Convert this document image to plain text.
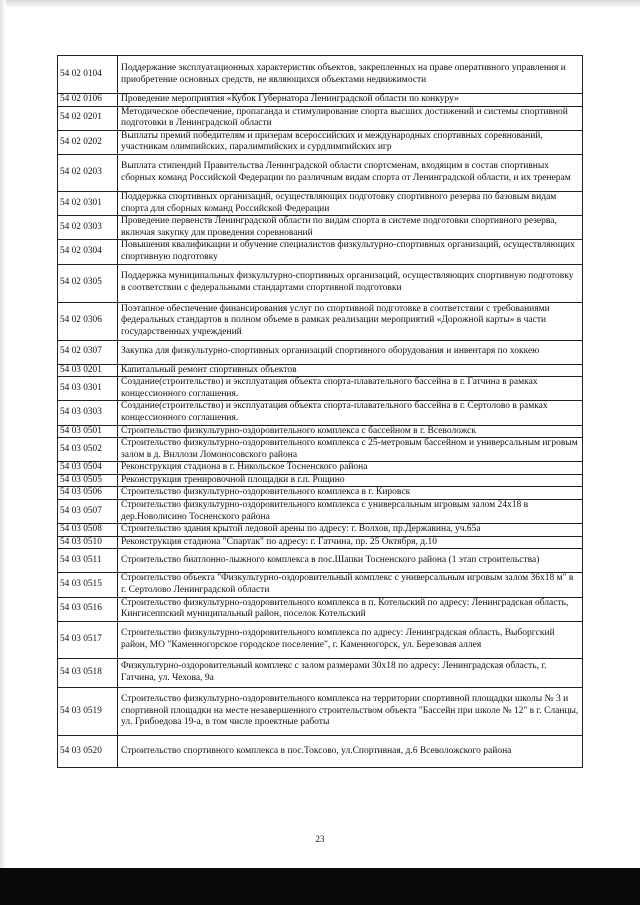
54 02 0104	Поддержание эксплуатационных характеристик объектов, закрепленных на праве оперативного управления и приобретение основных средств, не являющихся объектами недвижимости
54 02 0106	Проведение мероприятия «Кубок Губернатора Ленинградской области по конкуру»
54 02 0201	Методическое обеспечение, пропаганда и стимулирование спорта высших достижений и системы спортивной подготовки в Ленинградской области
54 02 0202	Выплаты премий победителям и призерам всероссийских и международных спортивных соревнований, участникам олимпийских, паралимпийских и сурдлимпийских игр
54 02 0203	Выплата стипендий Правительства Ленинградской области спортсменам, входящим в состав спортивных сборных команд Российской Федерации по различным видам спорта от Ленинградской области, и их тренерам
54 02 0301	Поддержка спортивных организаций, осуществляющих подготовку спортивного резерва по базовым видам спорта для сборных команд Российской Федерации
54 02 0303	Проведение первенств Ленинградской области по видам спорта в системе подготовки спортивного резерва, включая закупку для проведения соревнований
54 02 0304	Повышения квалификации и обучение специалистов физкультурно-спортивных организаций, осуществляющих спортивную подготовку
54 02 0305	Поддержка муниципальных физкультурно-спортивных организаций, осуществляющих спортивную подготовку в соответствии с федеральными стандартами спортивной подготовки
54 02 0306	Поэтапное обеспечение финансирования услуг по спортивной подготовке в соответствии с требованиями федеральных стандартов в полном объеме в рамках реализации мероприятий «Дорожной карты» в части государственных учреждений
54 02 0307	Закупка для физкультурно-спортивных организаций спортивного оборудования и инвентаря по хоккею
54 03 0201	Капитальный ремонт спортивных объектов
54 03 0301	Создание(строительство) и эксплуатация объекта спорта-плавательного бассейна в г. Гатчина в рамках концессионного соглашения.
54 03 0303	Создание(строительство) и эксплуатация объекта спорта-плавательного бассейна в г. Сертолово в рамках концессионного соглашения.
54 03 0501	Строительство физкультурно-оздоровительного комплекса с бассейном в г. Всеволожск
54 03 0502	Строительство физкультурно-оздоровительного комплекса с 25-метровым бассейном и универсальным игровым залом в д. Виллози Ломоносовского района
54 03 0504	Реконструкция стадиона в г. Никольское Тосненского района
54 03 0505	Реконструкция тренировочной площадки в г.п. Рощино
54 03 0506	Строительство физкультурно-оздоровительного комплекса в г. Кировск
54 03 0507	Строительство физкультурно-оздоровительного комплекса с универсальным игровым залом 24х18 в дер.Новолисино Тосненского района
54 03 0508	Строительство здания крытой ледовой арены по адресу: г. Волхов, пр.Державина, уч.65а
54 03 0510	Реконструкция стадиона "Спартак" по адресу: г. Гатчина, пр. 25 Октября, д.10
54 03 0511	Строительство биатлонно-лыжного комплекса в пос.Шапки Тосненского района (1 этап строительства)
54 03 0515	Строительство объекта "Физкультурно-оздоровительный комплекс с универсальным игровым залом 36х18 м" в г. Сертолово Ленинградской области
54 03 0516	Строительство физкультурно-оздоровительного комплекса в п. Котельский по адресу: Ленинградская область, Кингисеппский муниципальный район, поселок Котельский
54 03 0517	Строительство физкультурно-оздоровительного комплекса по адресу: Ленинградская область, Выборгский район, МО "Каменногорское городское поселение", г. Каменногорск, ул. Березовая аллея
54 03 0518	Физкультурно-оздоровительный комплекс с залом размерами 30х18 по адресу: Ленинградская область, г. Гатчина, ул. Чехова, 9а
54 03 0519	Строительство физкультурно-оздоровительного комплекса на территории спортивной площадки школы № 3 и спортивной площадки на месте незавершенного строительством объекта "Бассейн при школе № 12" в г. Сланцы, ул. Грибоедова 19-а, в том числе проектные работы
54 03 0520	Строительство спортивного комплекса в пос.Токсово, ул.Спортивная, д.6 Всеволожского района
23
